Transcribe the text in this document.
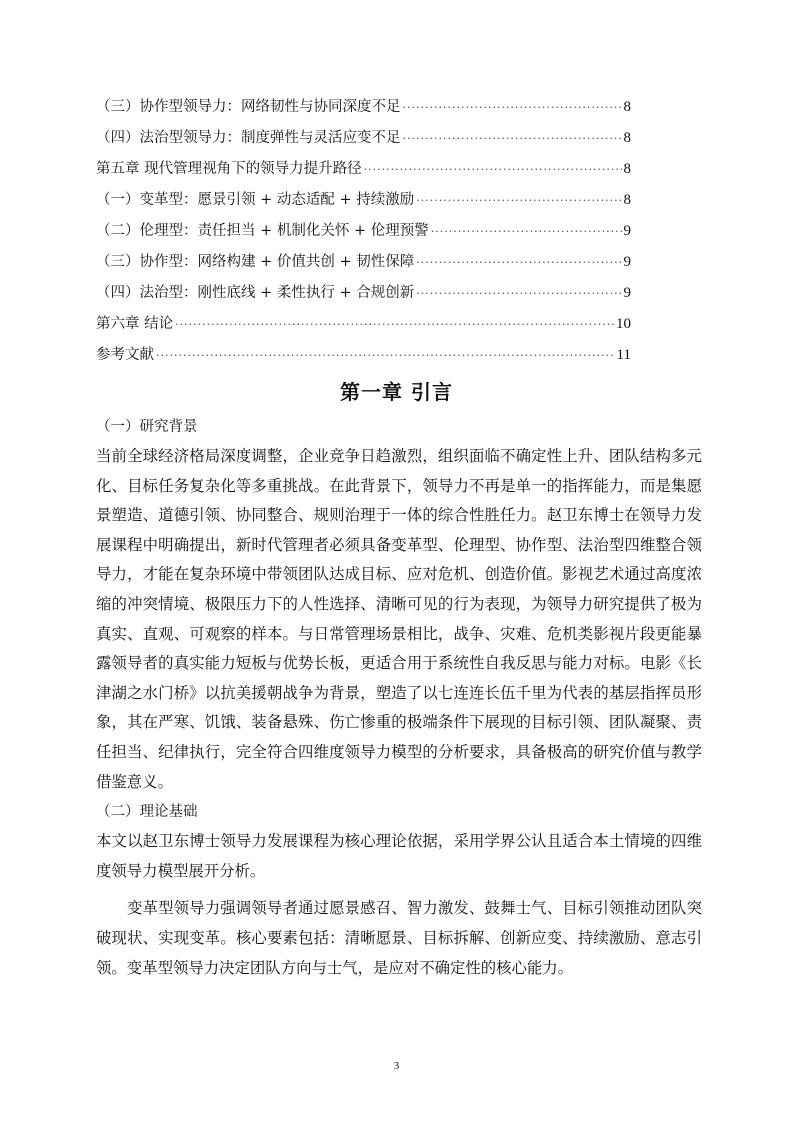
（三）协作型领导力：网络韧性与协同深度不足 ·····	8
（四）法治型领导力：制度弹性与灵活应变不足 ·····	8
第五章 现代管理视角下的领导力提升路径 ·····	8
（一）变革型：愿景引领 + 动态适配 + 持续激励 ·····	8
（二）伦理型：责任担当 + 机制化关怀 + 伦理预警 ·····	9
（三）协作型：网络构建 + 价值共创 + 韧性保障 ·····	9
（四）法治型：刚性底线 + 柔性执行 + 合规创新 ·····	9
第六章 结论 ·····	10
参考文献 ·····	11
第一章 引言
（一）研究背景

当前全球经济格局深度调整，企业竞争日趋激烈，组织面临不确定性上升、团队结构多元化、目标任务复杂化等多重挑战。在此背景下，领导力不再是单一的指挥能力，而是集愿景塑造、道德引领、协同整合、规则治理于一体的综合性胜任力。赵卫东博士在领导力发展课程中明确提出，新时代管理者必须具备变革型、伦理型、协作型、法治型四维整合领导力，才能在复杂环境中带领团队达成目标、应对危机、创造价值。影视艺术通过高度浓缩的冲突情境、极限压力下的人性选择、清晰可见的行为表现，为领导力研究提供了极为真实、直观、可观察的样本。与日常管理场景相比，战争、灾难、危机类影视片段更能暴露领导者的真实能力短板与优势长板，更适合用于系统性自我反思与能力对标。电影《长津湖之水门桥》以抗美援朝战争为背景，塑造了以七连连长伍千里为代表的基层指挥员形象，其在严寒、饥饿、装备悬殊、伤亡惨重的极端条件下展现的目标引领、团队凝聚、责任担当、纪律执行，完全符合四维度领导力模型的分析要求，具备极高的研究价值与教学借鉴意义。

（二）理论基础

本文以赵卫东博士领导力发展课程为核心理论依据，采用学界公认且适合本土情境的四维度领导力模型展开分析。

变革型领导力强调领导者通过愿景感召、智力激发、鼓舞士气、目标引领推动团队突破现状、实现变革。核心要素包括：清晰愿景、目标拆解、创新应变、持续激励、意志引领。变革型领导力决定团队方向与士气，是应对不确定性的核心能力。

3
